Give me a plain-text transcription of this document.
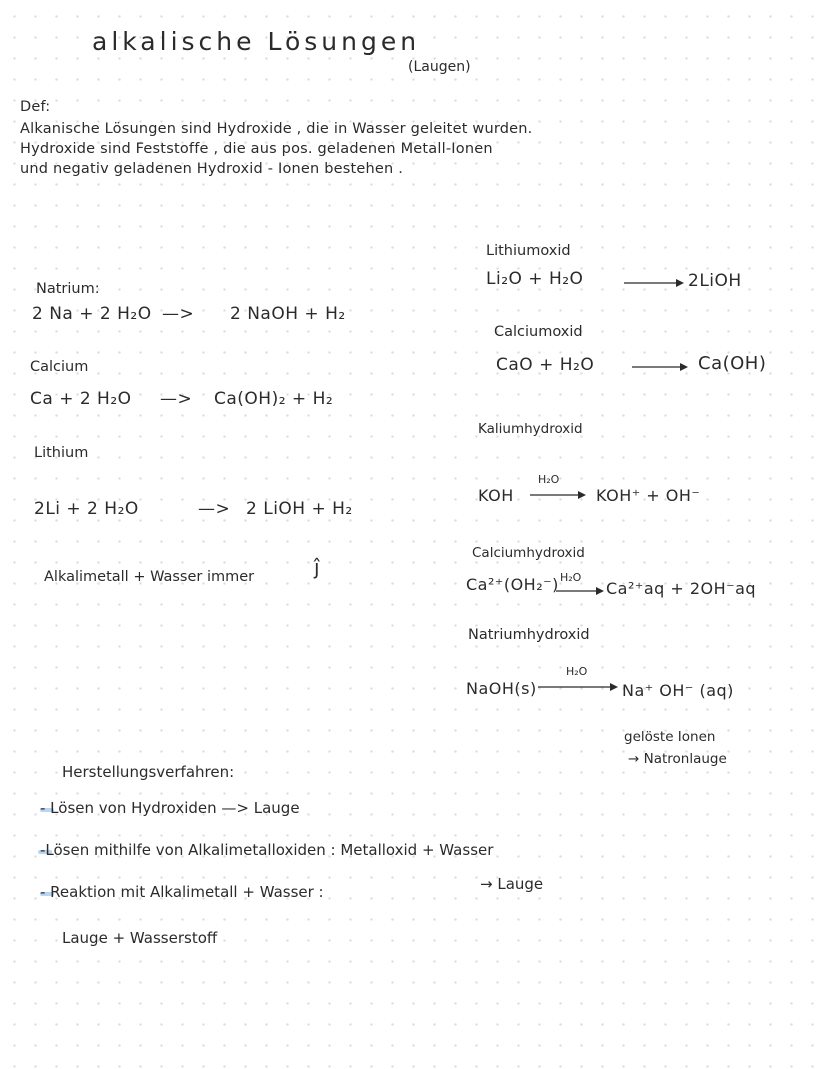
alkalische Lösungen
(Laugen)
Def:
Alkanische Lösungen sind Hydroxide , die in Wasser geleitet wurden.
Hydroxide sind Feststoffe , die aus pos. geladenen Metall-Ionen
und negativ geladenen Hydroxid - Ionen bestehen .
Natrium:
2 Na + 2 H₂O —> 2 NaOH + H₂
Calcium
Ca + 2 H₂O —> Ca(OH)₂ + H₂
Lithium
2Li + 2 H₂O	—> 2 LiOH + H₂
Alkalimetall + Wasser immer	ĵ
Lithiumoxid
Li₂O + H₂O	2LiOH
Calciumoxid
CaO + H₂O	Ca(OH)
Kaliumhydroxid
KOH
H₂O
KOH⁺ + OH⁻
Calciumhydroxid
Ca²⁺(OH₂⁻) H₂O
Ca²⁺aq + 2OH⁻aq
Natriumhydroxid
NaOH(s)
H₂O
Na⁺ OH⁻ (aq)
gelöste Ionen
→ Natronlauge
Herstellungsverfahren:
- Lösen von Hydroxiden —> Lauge
-Lösen mithilfe von Alkalimetalloxiden : Metalloxid + Wasser
- Reaktion mit Alkalimetall + Wasser :	→ Lauge
Lauge + Wasserstoff
